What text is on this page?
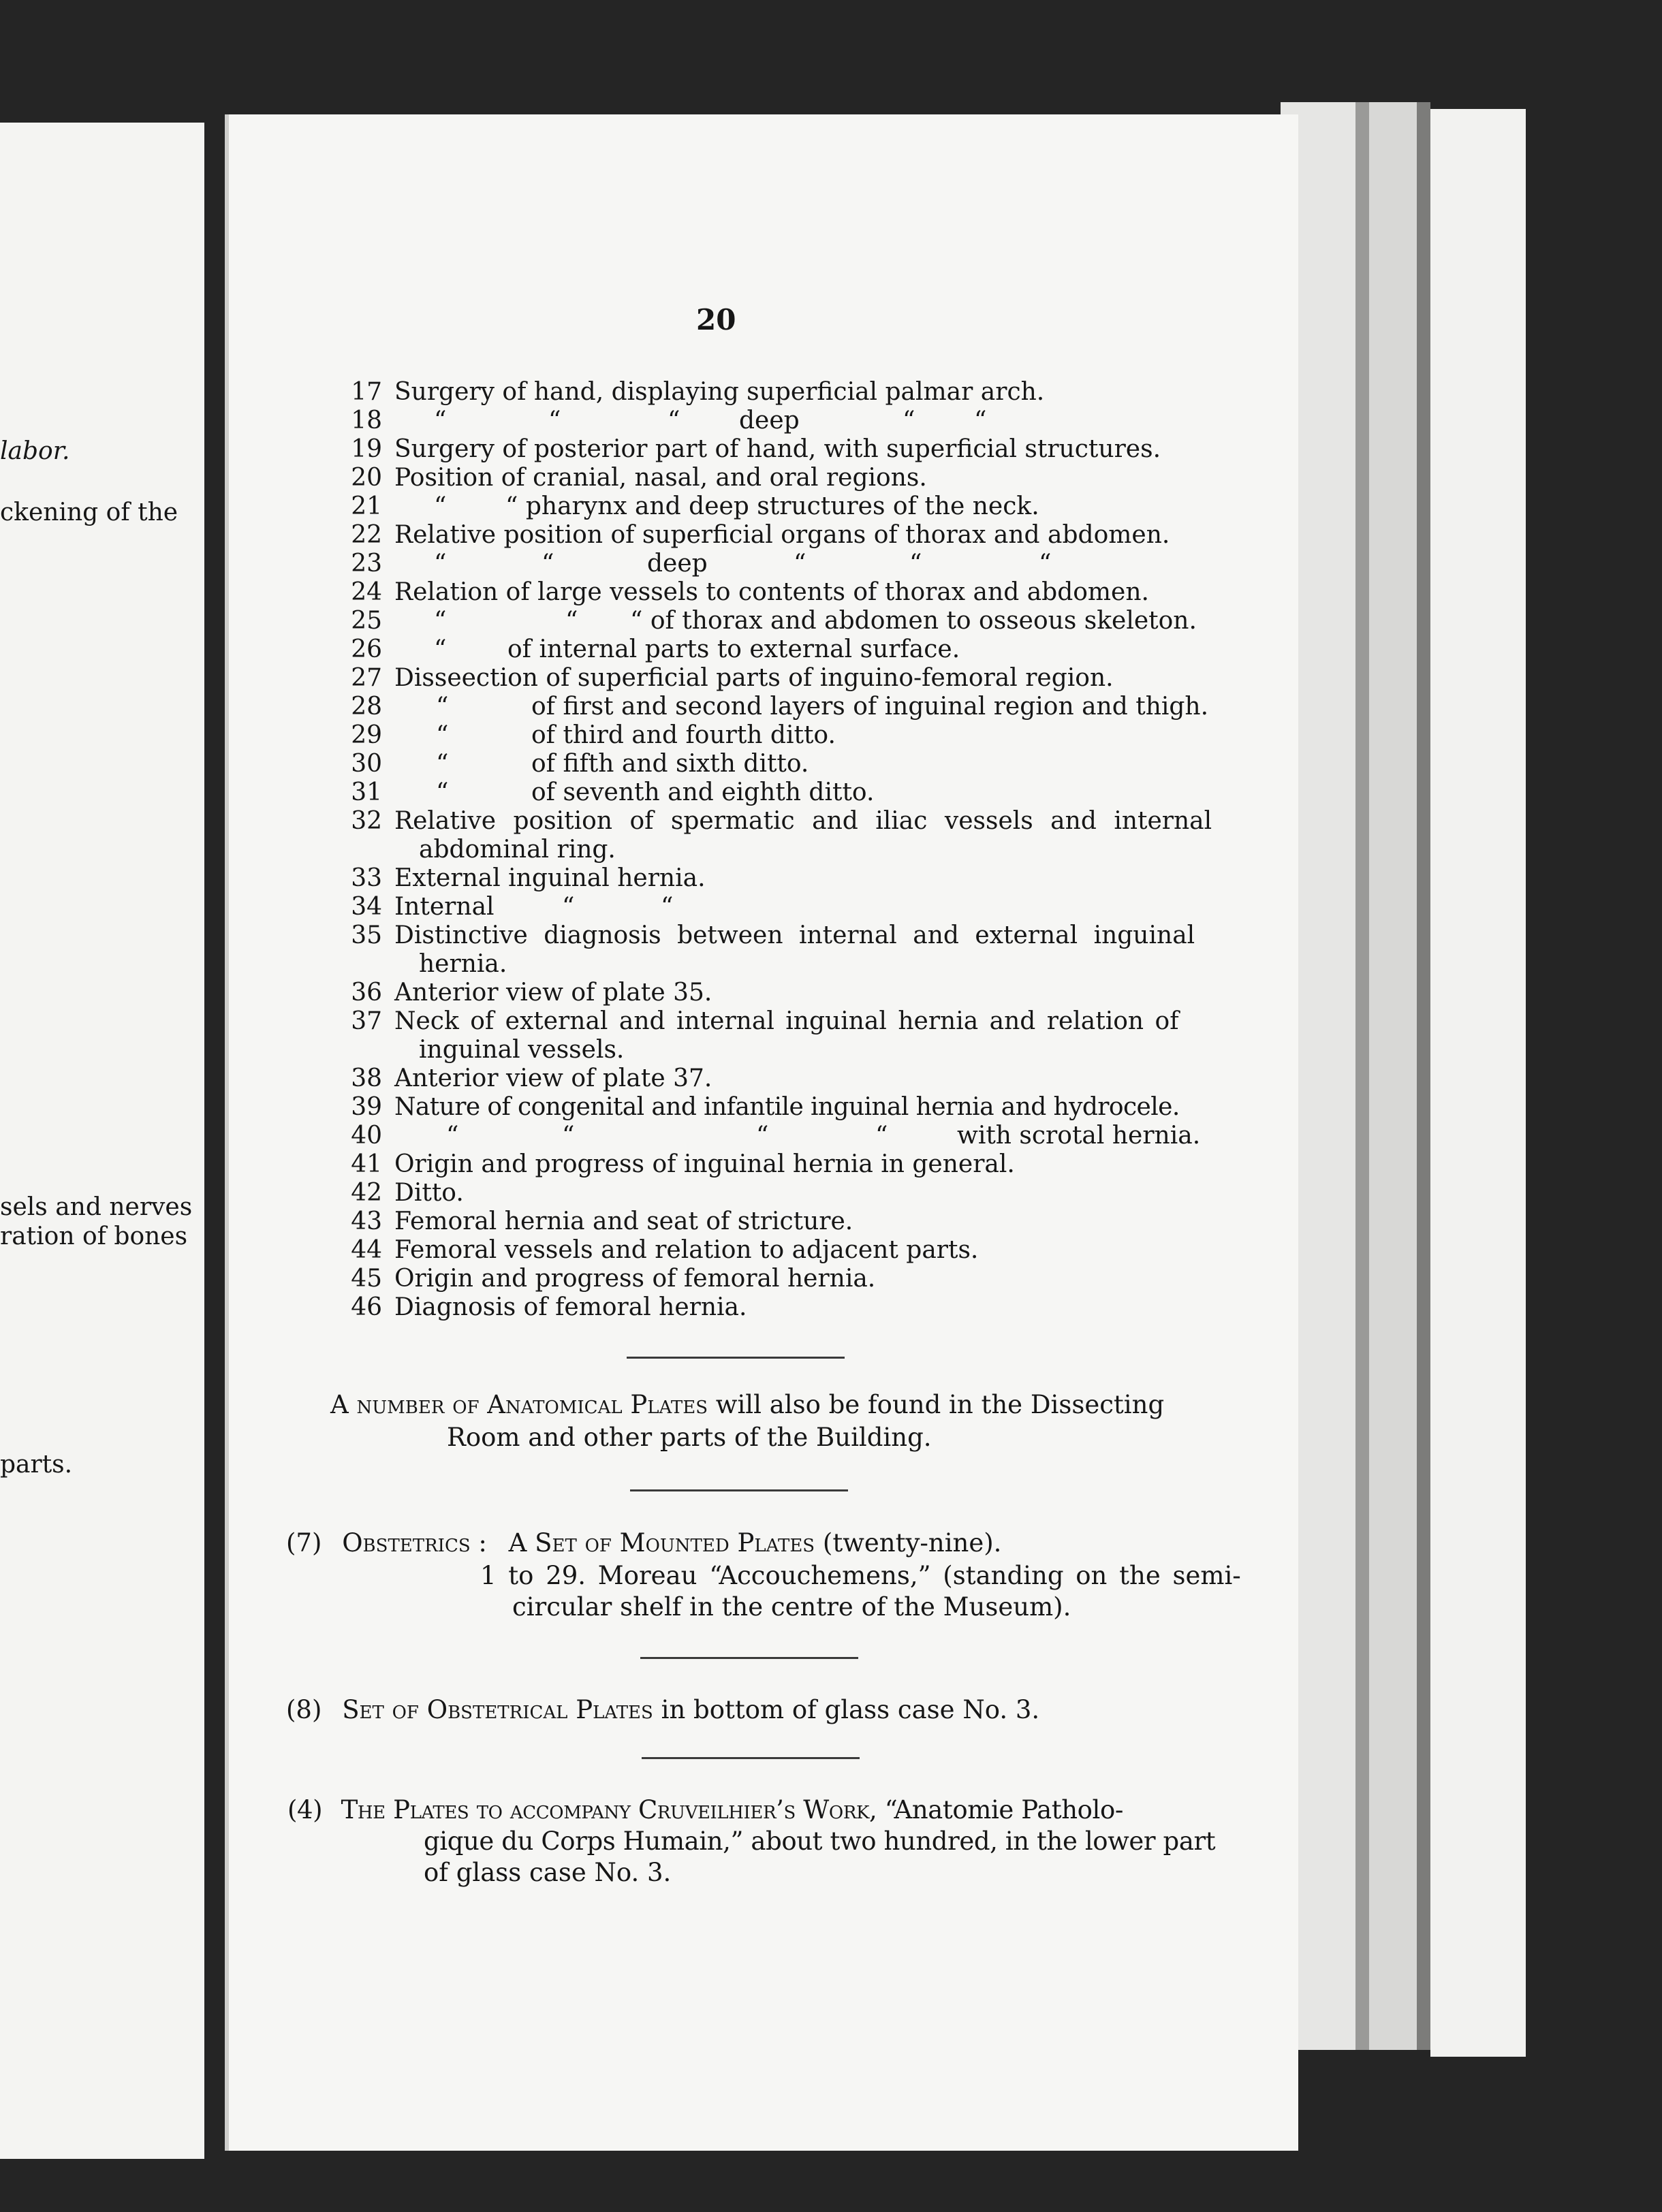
labor.
ckening of the
sels and nerves
ration of bones
parts.
20
17 Surgery of hand, displaying superficial palmar arch.
18 “	“	“ deep	“ “
19 Surgery of posterior part of hand, with superficial structures.
20 Position of cranial, nasal, and oral regions.
21 “ “ pharynx and deep structures of the neck.
22 Relative position of superficial organs of thorax and abdomen.
23 “	“	deep	“	“	“
24 Relation of large vessels to contents of thorax and abdomen.
25 “	“ “ of thorax and abdomen to osseous skeleton.
26 “ of internal parts to external surface.
27 Disseection of superficial parts of inguino-femoral region.
28 “	of first and second layers of inguinal region and thigh.
29 “	of third and fourth ditto.
30 “	of fifth and sixth ditto.
31 “	of seventh and eighth ditto.
32 Relative position of spermatic and iliac vessels and internal
abdominal ring.
33 External inguinal hernia.
34 Internal	“	“
35 Distinctive diagnosis between internal and external inguinal
hernia.
36 Anterior view of plate 35.
37 Neck of external and internal inguinal hernia and relation of
inguinal vessels.
38 Anterior view of plate 37.
39 Nature of congenital and infantile inguinal hernia and hydrocele.
40	“	“	“	“	with scrotal hernia.
41 Origin and progress of inguinal hernia in general.
42 Ditto.
43 Femoral hernia and seat of stricture.
44 Femoral vessels and relation to adjacent parts.
45 Origin and progress of femoral hernia.
46 Diagnosis of femoral hernia.
A number of Anatomical Plates will also be found in the Dissecting
Room and other parts of the Building.
(7) Obstetrics : A Set of Mounted Plates (twenty-nine).
1 to 29. Moreau “Accouchemens,” (standing on the semi-
circular shelf in the centre of the Museum).
(8) Set of Obstetrical Plates in bottom of glass case No. 3.
(4) The Plates to accompany Cruveilhier’s Work, “Anatomie Patholo-
gique du Corps Humain,” about two hundred, in the lower part
of glass case No. 3.
